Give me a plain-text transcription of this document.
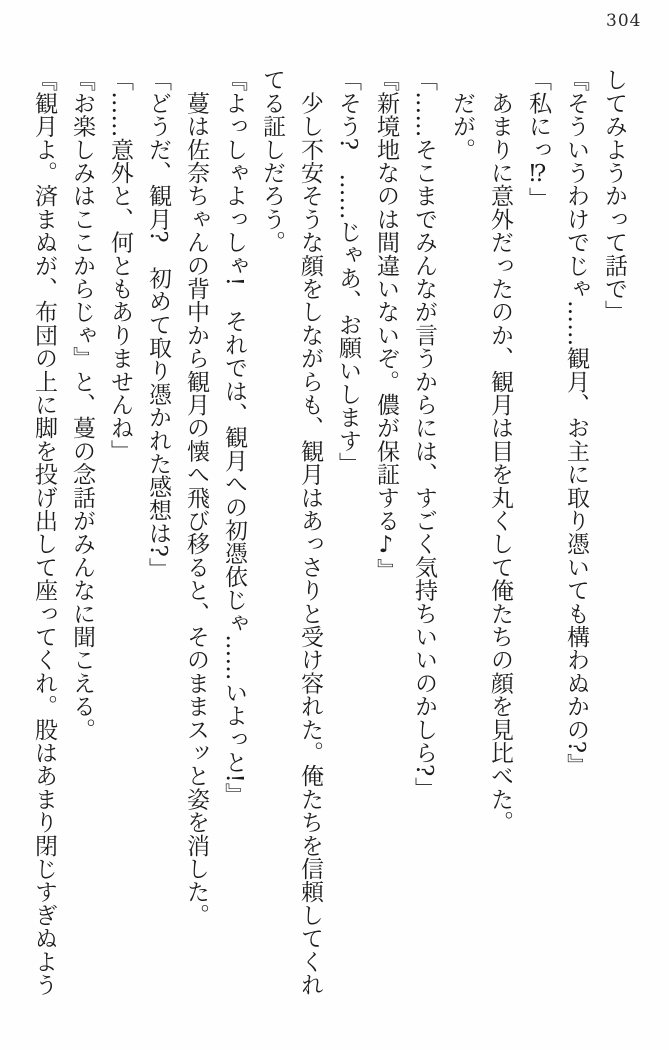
304

してみようかって話で」

『そういうわけでじゃ……観月、お主に取り憑いても構わぬかの?』

「私にっ⁉」

　あまりに意外だったのか、観月は目を丸くして俺たちの顔を見比べた。

　だが。

「……そこまでみんなが言うからには、すごく気持ちいいのかしら?」

『新境地なのは間違いないぞ。儂が保証する♪』

「そう?　……じゃあ、お願いします」

　少し不安そうな顔をしながらも、観月はあっさりと受け容れた。俺たちを信頼してくれてる証しだろう。

『よっしゃよっしゃ!　それでは、観月への初憑依じゃ……いよっと!』

　蔓は佐奈ちゃんの背中から観月の懐へ飛び移ると、そのままスッと姿を消した。

「どうだ、観月?　初めて取り憑かれた感想は?」

「……意外と、何ともありませんね」

『お楽しみはここからじゃ』と、蔓の念話がみんなに聞こえる。

『観月よ。済まぬが、布団の上に脚を投げ出して座ってくれ。股はあまり閉じすぎぬよう
